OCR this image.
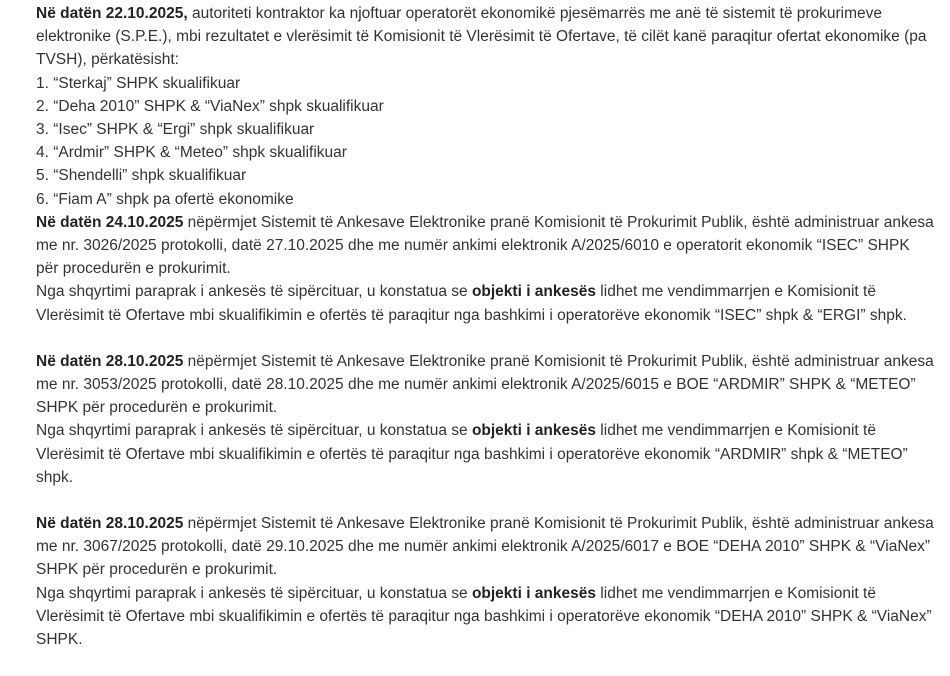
Në datën 22.10.2025, autoriteti kontraktor ka njoftuar operatorët ekonomikë pjesëmarrës me anë të sistemit të prokurimeve elektronike (S.P.E.), mbi rezultatet e vlerësimit të Komisionit të Vlerësimit të Ofertave, të cilët kanë paraqitur ofertat ekonomike (pa TVSH), përkatësisht:

1. “Sterkaj” SHPK skualifikuar

2. “Deha 2010” SHPK & “ViaNex” shpk skualifikuar

3. “Isec” SHPK & “Ergi” shpk skualifikuar

4. “Ardmir” SHPK & “Meteo” shpk skualifikuar

5. “Shendelli” shpk skualifikuar

6. “Fiam A” shpk pa ofertë ekonomike

Në datën 24.10.2025 nëpërmjet Sistemit të Ankesave Elektronike pranë Komisionit të Prokurimit Publik, është administruar ankesa me nr. 3026/2025 protokolli, datë 27.10.2025 dhe me numër ankimi elektronik A/2025/6010 e operatorit ekonomik “ISEC” SHPK për procedurën e prokurimit.

Nga shqyrtimi paraprak i ankesës të sipërcituar, u konstatua se objekti i ankesës lidhet me vendimmarrjen e Komisionit të Vlerësimit të Ofertave mbi skualifikimin e ofertës të paraqitur nga bashkimi i operatorëve ekonomik “ISEC” shpk & “ERGI” shpk.

Në datën 28.10.2025 nëpërmjet Sistemit të Ankesave Elektronike pranë Komisionit të Prokurimit Publik, është administruar ankesa me nr. 3053/2025 protokolli, datë 28.10.2025 dhe me numër ankimi elektronik A/2025/6015 e BOE “ARDMIR” SHPK & “METEO” SHPK për procedurën e prokurimit.

Nga shqyrtimi paraprak i ankesës të sipërcituar, u konstatua se objekti i ankesës lidhet me vendimmarrjen e Komisionit të Vlerësimit të Ofertave mbi skualifikimin e ofertës të paraqitur nga bashkimi i operatorëve ekonomik “ARDMIR” shpk & “METEO” shpk.

Në datën 28.10.2025 nëpërmjet Sistemit të Ankesave Elektronike pranë Komisionit të Prokurimit Publik, është administruar ankesa me nr. 3067/2025 protokolli, datë 29.10.2025 dhe me numër ankimi elektronik A/2025/6017 e BOE “DEHA 2010” SHPK & “ViaNex” SHPK për procedurën e prokurimit.

Nga shqyrtimi paraprak i ankesës të sipërcituar, u konstatua se objekti i ankesës lidhet me vendimmarrjen e Komisionit të Vlerësimit të Ofertave mbi skualifikimin e ofertës të paraqitur nga bashkimi i operatorëve ekonomik “DEHA 2010” SHPK & “ViaNex” SHPK.
